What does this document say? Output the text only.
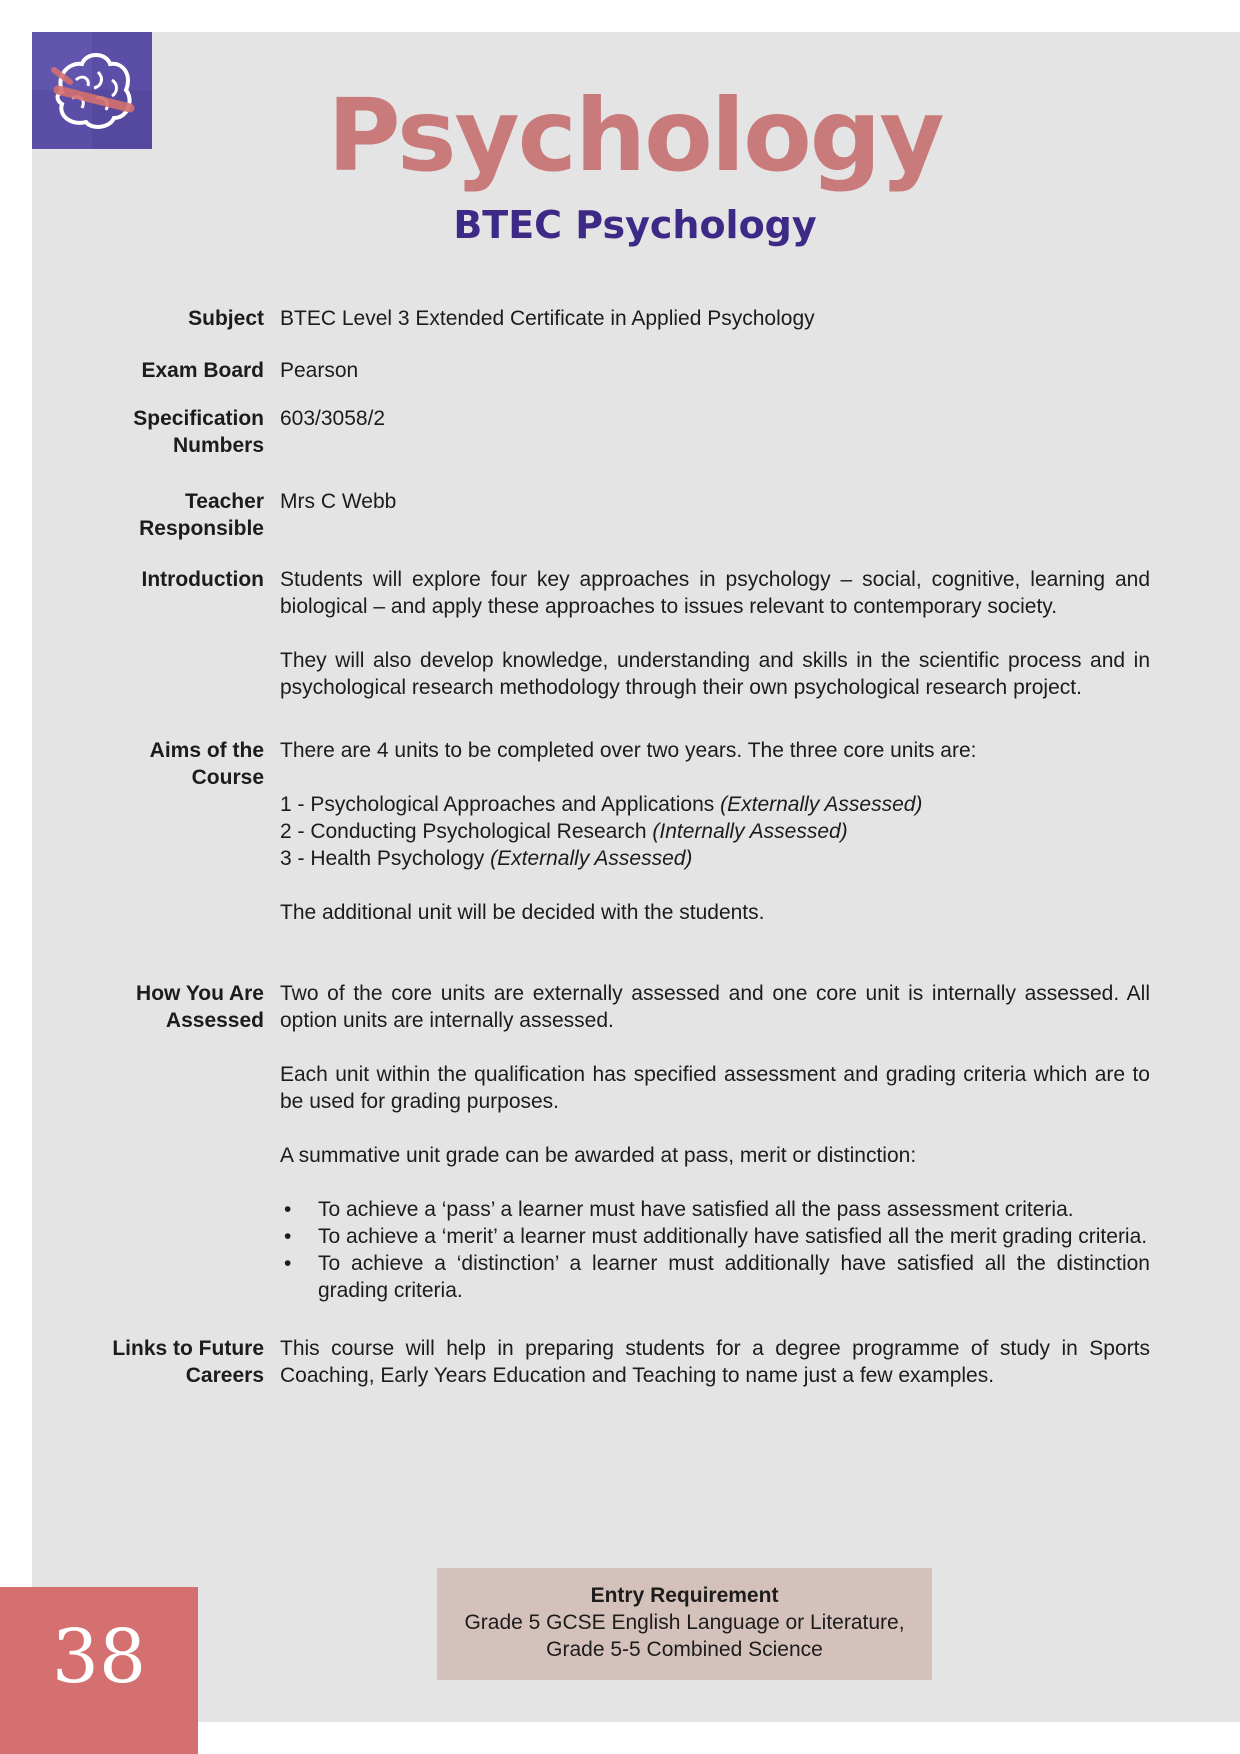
Psychology
BTEC Psychology
Subject BTEC Level 3 Extended Certificate in Applied Psychology
Exam Board Pearson
Specification
Numbers
603/3058/2
Teacher
Responsible
Mrs C Webb
Introduction Students will explore four key approaches in psychology – social, cognitive, learning and biological – and apply these approaches to issues relevant to contemporary society.

They will also develop knowledge, understanding and skills in the scientific process and in psychological research methodology through their own psychological research project.

Aims of the
Course

There are 4 units to be completed over two years. The three core units are:

1 - Psychological Approaches and Applications (Externally Assessed)
2 - Conducting Psychological Research (Internally Assessed)
3 - Health Psychology (Externally Assessed)

The additional unit will be decided with the students.

How You Are
Assessed

Two of the core units are externally assessed and one core unit is internally assessed. All option units are internally assessed.

Each unit within the qualification has specified assessment and grading criteria which are to be used for grading purposes.

A summative unit grade can be awarded at pass, merit or distinction:

• To achieve a ‘pass’ a learner must have satisfied all the pass assessment criteria.
• To achieve a ‘merit’ a learner must additionally have satisfied all the merit grading criteria.
• To achieve a ‘distinction’ a learner must additionally have satisfied all the distinction grading criteria.
Links to Future
Careers
This course will help in preparing students for a degree programme of study in Sports Coaching, Early Years Education and Teaching to name just a few examples.
Entry Requirement
Grade 5 GCSE English Language or Literature,
Grade 5-5 Combined Science
38
